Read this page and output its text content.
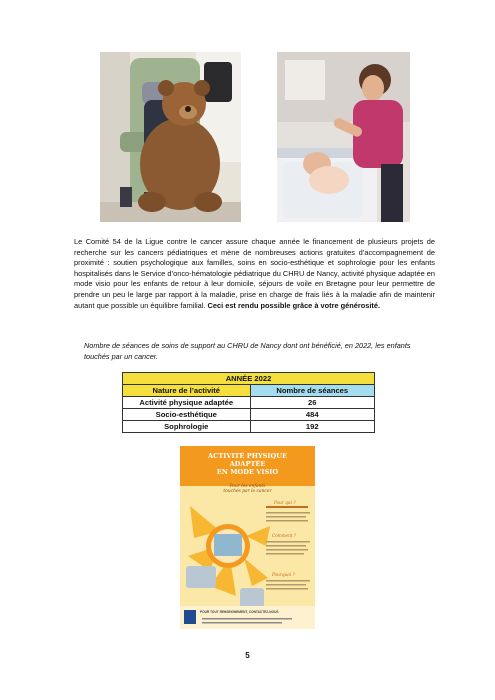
Le Comité 54 de la Ligue contre le cancer assure chaque année le financement de plusieurs projets de recherche sur les cancers pédiatriques et mène de nombreuses actions gratuites d’accompagnement de proximité : soutien psychologique aux familles, soins en socio-esthétique et sophrologie pour les enfants hospitalisés dans le Service d’onco-hématologie pédiatrique du CHRU de Nancy, activité physique adaptée en mode visio pour les enfants de retour à leur domicile, séjours de voile en Bretagne pour leur permettre de prendre un peu le large par rapport à la maladie, prise en charge de frais liés à la maladie afin de maintenir autant que possible un équilibre familial. Ceci est rendu possible grâce à votre générosité.

Nombre de séances de soins de support au CHRU de Nancy dont ont bénéficié, en 2022, les enfants touchés par un cancer.

ANNÉE 2022	
Nature de l’activité	Nombre de séances
Activité physique adaptée	26
Socio-esthétique	484
Sophrologie	192
ACTIVITÉ PHYSIQUE
ADAPTÉE
EN MODE VISIO
Pour les enfants
touchés par le cancer
Pour qui ?
Comment ?
Pourquoi ?
POUR TOUT RENSEIGNEMENT, CONTACTEZ-NOUS
5
